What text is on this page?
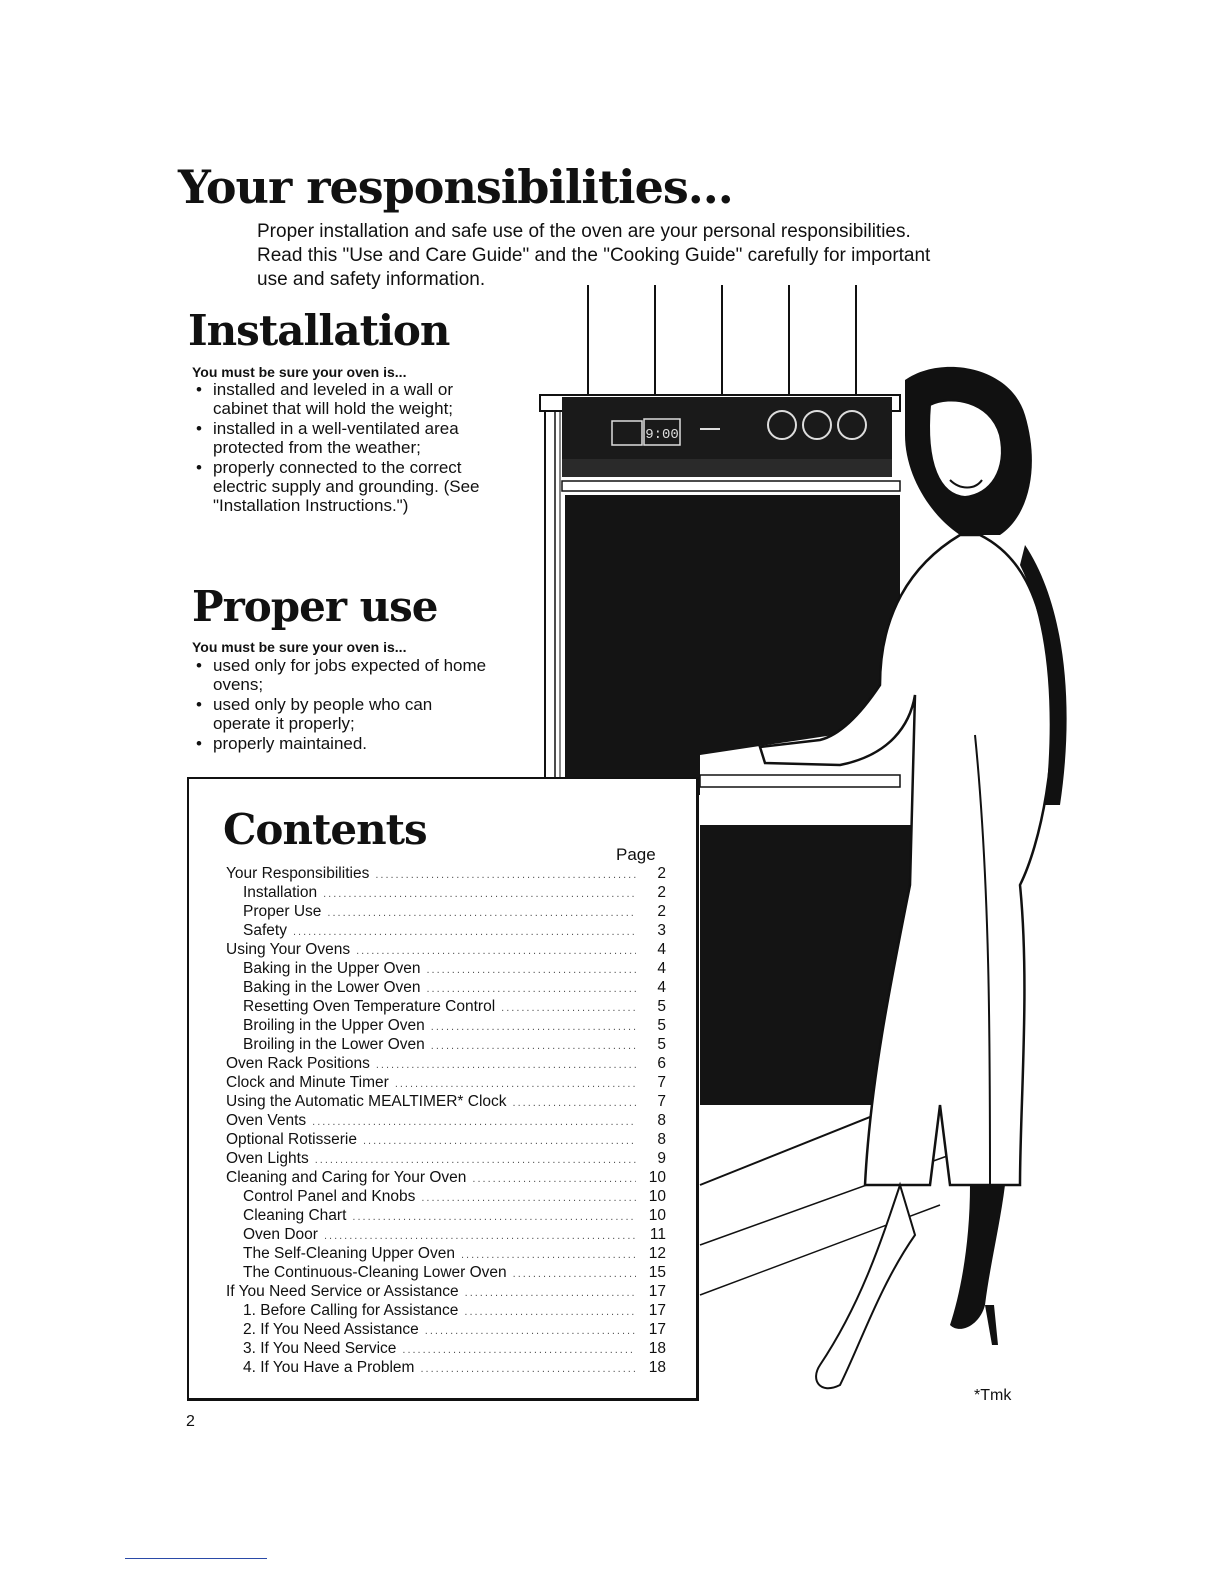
Your responsibilities...

Proper installation and safe use of the oven are your personal responsibilities. Read this "Use and Care Guide" and the "Cooking Guide" carefully for important use and safety information.

Installation

You must be sure your oven is...

• installed and leveled in a wall or cabinet that will hold the weight;
• installed in a well-ventilated area protected from the weather;
• properly connected to the correct electric supply and grounding. (See "Installation Instructions.")
Proper use

You must be sure your oven is...

• used only for jobs expected of home ovens;
• used only by people who can operate it properly;
• properly maintained.
9:00
Contents
Page
Your Responsibilities .....	2
Installation .....	2
Proper Use .....	2
Safety .....	3
Using Your Ovens .....	4
Baking in the Upper Oven .....	4
Baking in the Lower Oven .....	4
Resetting Oven Temperature Control .....	5
Broiling in the Upper Oven .....	5
Broiling in the Lower Oven .....	5
Oven Rack Positions .....	6
Clock and Minute Timer .....	7
Using the Automatic MEALTIMER* Clock .....	7
Oven Vents .....	8
Optional Rotisserie .....	8
Oven Lights .....	9
Cleaning and Caring for Your Oven .....	10
Control Panel and Knobs .....	10
Cleaning Chart .....	10
Oven Door .....	11
The Self-Cleaning Upper Oven .....	12
The Continuous-Cleaning Lower Oven .....	15
If You Need Service or Assistance .....	17
1. Before Calling for Assistance .....	17
2. If You Need Assistance .....	17
3. If You Need Service .....	18
4. If You Have a Problem .....	18
*Tmk
2
